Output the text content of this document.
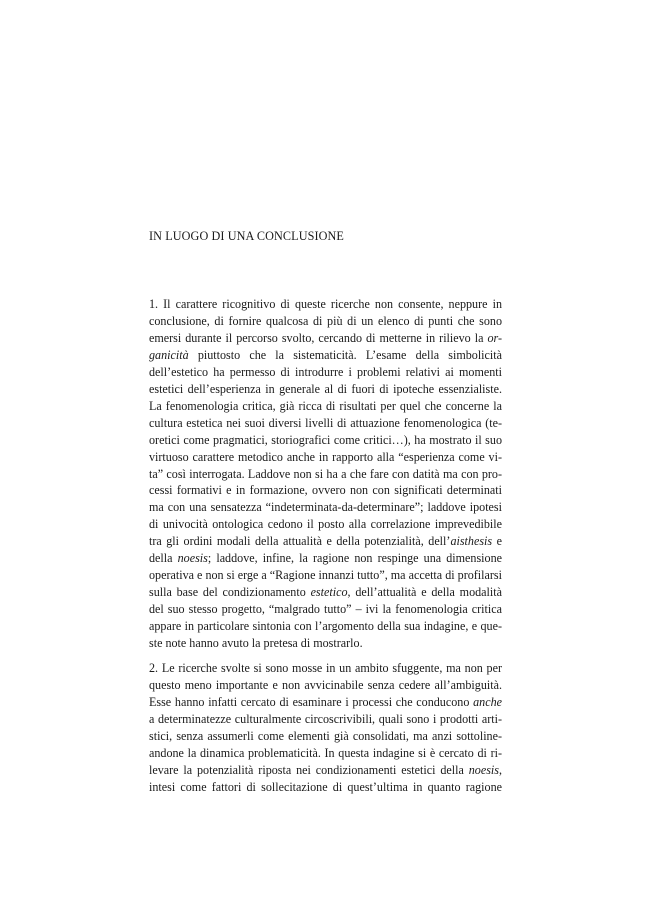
IN LUOGO DI UNA CONCLUSIONE

1. Il carattere ricognitivo di queste ricerche non consente, neppure in

conclusione, di fornire qualcosa di più di un elenco di punti che sono

emersi durante il percorso svolto, cercando di metterne in rilievo la or-

ganicità piuttosto che la sistematicità. L’esame della simbolicità

dell’estetico ha permesso di introdurre i problemi relativi ai momenti

estetici dell’esperienza in generale al di fuori di ipoteche essenzialiste.

La fenomenologia critica, già ricca di risultati per quel che concerne la

cultura estetica nei suoi diversi livelli di attuazione fenomenologica (te-

oretici come pragmatici, storiografici come critici…), ha mostrato il suo

virtuoso carattere metodico anche in rapporto alla “esperienza come vi-

ta” così interrogata. Laddove non si ha a che fare con datità ma con pro-

cessi formativi e in formazione, ovvero non con significati determinati

ma con una sensatezza “indeterminata-da-determinare”; laddove ipotesi

di univocità ontologica cedono il posto alla correlazione imprevedibile

tra gli ordini modali della attualità e della potenzialità, dell’aisthesis e

della noesis; laddove, infine, la ragione non respinge una dimensione

operativa e non si erge a “Ragione innanzi tutto”, ma accetta di profilarsi

sulla base del condizionamento estetico, dell’attualità e della modalità

del suo stesso progetto, “malgrado tutto” – ivi la fenomenologia critica

appare in particolare sintonia con l’argomento della sua indagine, e que-

ste note hanno avuto la pretesa di mostrarlo.

2. Le ricerche svolte si sono mosse in un ambito sfuggente, ma non per

questo meno importante e non avvicinabile senza cedere all’ambiguità.

Esse hanno infatti cercato di esaminare i processi che conducono anche

a determinatezze culturalmente circoscrivibili, quali sono i prodotti arti-

stici, senza assumerli come elementi già consolidati, ma anzi sottoline-

andone la dinamica problematicità. In questa indagine si è cercato di ri-

levare la potenzialità riposta nei condizionamenti estetici della noesis,

intesi come fattori di sollecitazione di quest’ultima in quanto ragione
